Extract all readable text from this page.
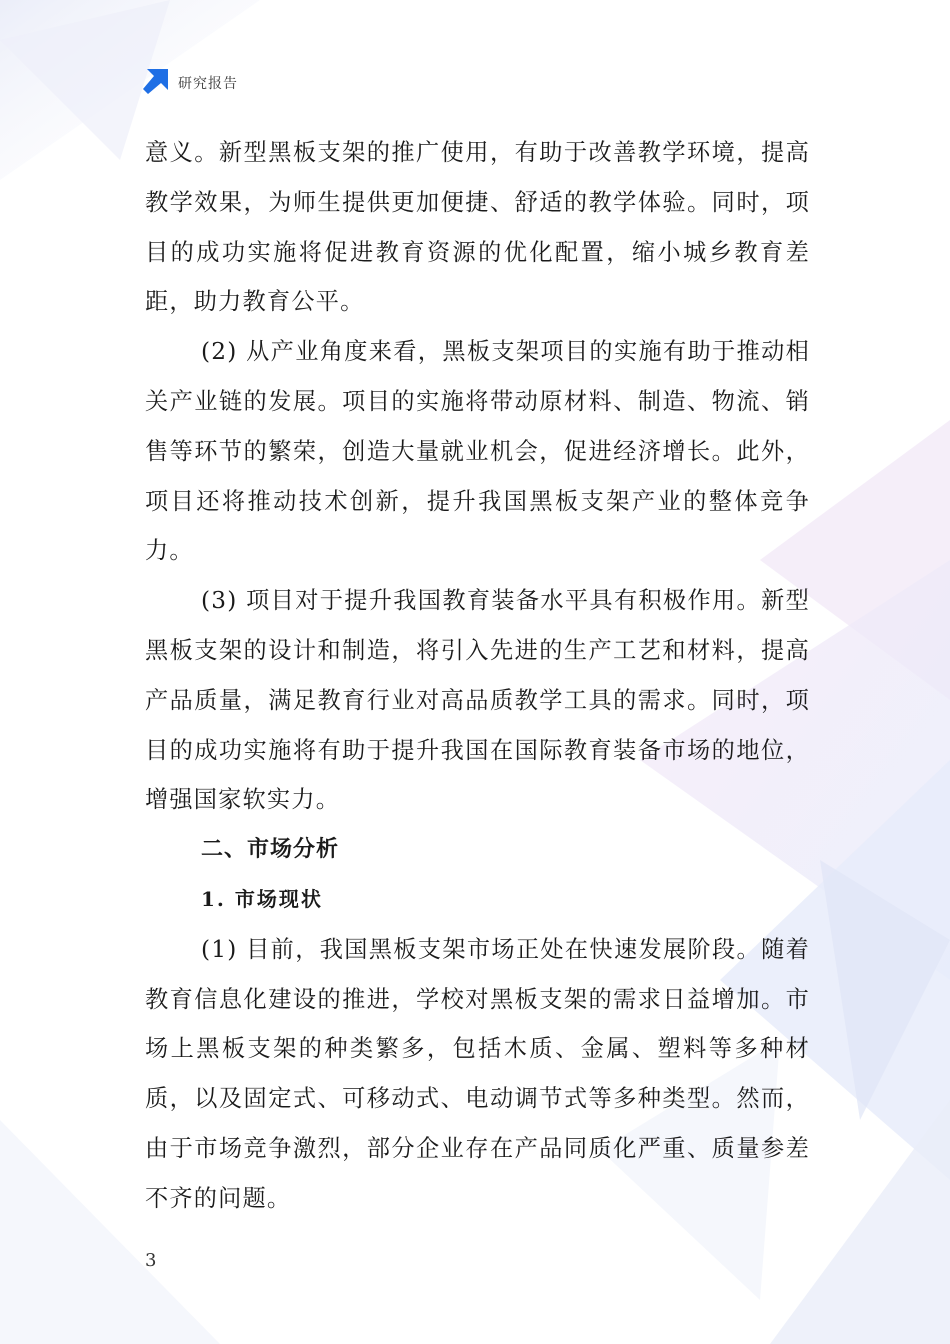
研究报告

意义。新型黑板支架的推广使用，有助于改善教学环境，提高教学效果，为师生提供更加便捷、舒适的教学体验。同时，项目的成功实施将促进教育资源的优化配置，缩小城乡教育差距，助力教育公平。

(2) 从产业角度来看，黑板支架项目的实施有助于推动相关产业链的发展。项目的实施将带动原材料、制造、物流、销售等环节的繁荣，创造大量就业机会，促进经济增长。此外，项目还将推动技术创新，提升我国黑板支架产业的整体竞争力。

(3) 项目对于提升我国教育装备水平具有积极作用。新型黑板支架的设计和制造，将引入先进的生产工艺和材料，提高产品质量，满足教育行业对高品质教学工具的需求。同时，项目的成功实施将有助于提升我国在国际教育装备市场的地位，增强国家软实力。

二、市场分析
1. 市场现状

(1) 目前，我国黑板支架市场正处在快速发展阶段。随着教育信息化建设的推进，学校对黑板支架的需求日益增加。市场上黑板支架的种类繁多，包括木质、金属、塑料等多种材质，以及固定式、可移动式、电动调节式等多种类型。然而，由于市场竞争激烈，部分企业存在产品同质化严重、质量参差不齐的问题。

3
